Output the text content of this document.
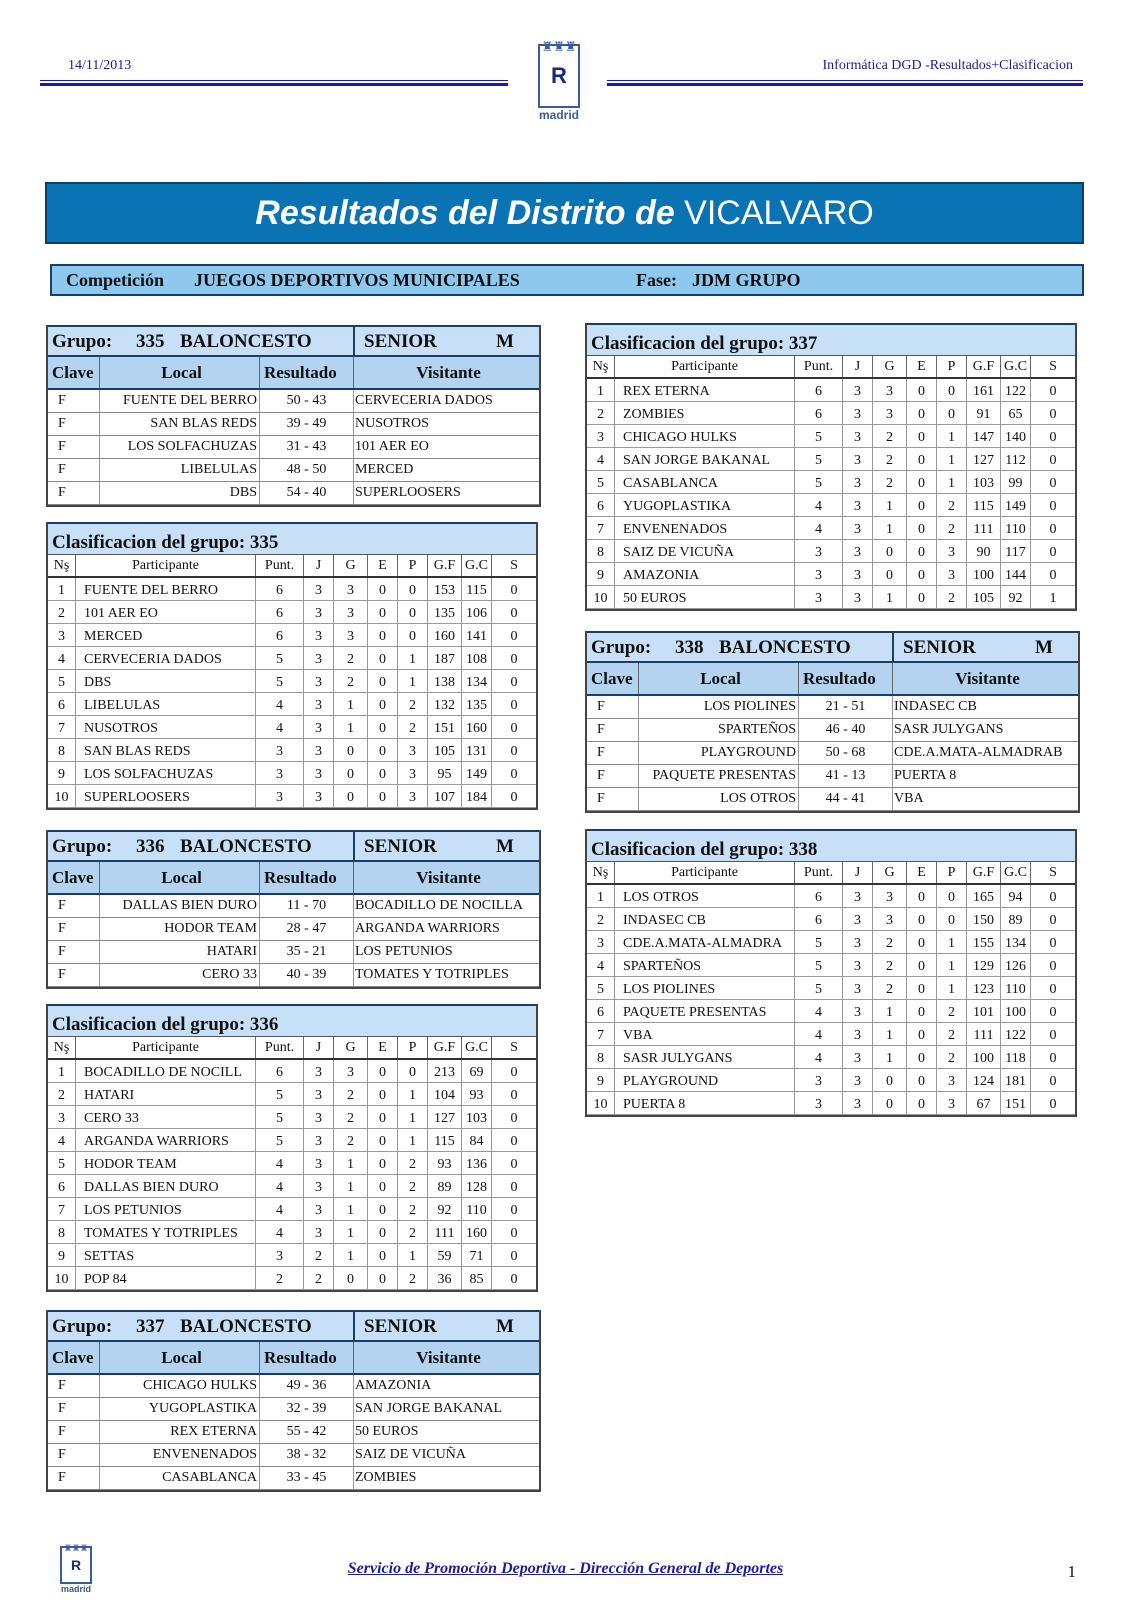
14/11/2013	Informática DGD -Resultados+Clasificacion
♜♜♜
R
madrid
Resultados del Distrito de VICALVARO
Competición JUEGOS DEPORTIVOS MUNICIPALES	Fase: JDM GRUPO
Grupo: 335 BALONCESTO	SENIOR	M
Clave	Local	Resultado	Visitante
F	FUENTE DEL BERRO	50 - 43	CERVECERIA DADOS
F	SAN BLAS REDS	39 - 49	NUSOTROS
F	LOS SOLFACHUZAS	31 - 43	101 AER EO
F	LIBELULAS	48 - 50	MERCED
F	DBS	54 - 40	SUPERLOOSERS
Grupo: 336 BALONCESTO	SENIOR	M
Clave	Local	Resultado	Visitante
F	DALLAS BIEN DURO	11 - 70	BOCADILLO DE NOCILLA
F	HODOR TEAM	28 - 47	ARGANDA WARRIORS
F	HATARI	35 - 21	LOS PETUNIOS
F	CERO 33	40 - 39	TOMATES Y TOTRIPLES
Grupo: 337 BALONCESTO	SENIOR	M
Clave	Local	Resultado	Visitante
F	CHICAGO HULKS	49 - 36	AMAZONIA
F	YUGOPLASTIKA	32 - 39	SAN JORGE BAKANAL
F	REX ETERNA	55 - 42	50 EUROS
F	ENVENENADOS	38 - 32	SAIZ DE VICUÑA
F	CASABLANCA	33 - 45	ZOMBIES
Grupo: 338 BALONCESTO	SENIOR	M
Clave	Local	Resultado	Visitante
F	LOS PIOLINES	21 - 51	INDASEC CB
F	SPARTEÑOS	46 - 40	SASR JULYGANS
F	PLAYGROUND	50 - 68	CDE.A.MATA-ALMADRAB
F	PAQUETE PRESENTAS	41 - 13	PUERTA 8
F	LOS OTROS	44 - 41	VBA
Clasificacion del grupo: 335
Nş	Participante	Punt.	J	G	E	P	G.F G.C	S
1	FUENTE DEL BERRO	6	3	3	0	0	153 115	0
2	101 AER EO	6	3	3	0	0	135 106	0
3	MERCED	6	3	3	0	0	160 141	0
4	CERVECERIA DADOS	5	3	2	0	1	187 108	0
5	DBS	5	3	2	0	1	138 134	0
6	LIBELULAS	4	3	1	0	2	132 135	0
7	NUSOTROS	4	3	1	0	2	151 160	0
8	SAN BLAS REDS	3	3	0	0	3	105 131	0
9	LOS SOLFACHUZAS	3	3	0	0	3	95	149	0
10	SUPERLOOSERS	3	3	0	0	3	107 184	0
Clasificacion del grupo: 336
Nş	Participante	Punt.	J	G	E	P	G.F G.C	S
1	BOCADILLO DE NOCILL	6	3	3	0	0	213	69	0
2	HATARI	5	3	2	0	1	104	93	0
3	CERO 33	5	3	2	0	1	127 103	0
4	ARGANDA WARRIORS	5	3	2	0	1	115	84	0
5	HODOR TEAM	4	3	1	0	2	93	136	0
6	DALLAS BIEN DURO	4	3	1	0	2	89	128	0
7	LOS PETUNIOS	4	3	1	0	2	92	110	0
8	TOMATES Y TOTRIPLES	4	3	1	0	2	111 160	0
9	SETTAS	3	2	1	0	1	59	71	0
10	POP 84	2	2	0	0	2	36	85	0
Clasificacion del grupo: 337
Nş	Participante	Punt.	J	G	E	P	G.F G.C	S
1	REX ETERNA	6	3	3	0	0	161 122	0
2	ZOMBIES	6	3	3	0	0	91	65	0
3	CHICAGO HULKS	5	3	2	0	1	147 140	0
4	SAN JORGE BAKANAL	5	3	2	0	1	127 112	0
5	CASABLANCA	5	3	2	0	1	103	99	0
6	YUGOPLASTIKA	4	3	1	0	2	115 149	0
7	ENVENENADOS	4	3	1	0	2	111 110	0
8	SAIZ DE VICUÑA	3	3	0	0	3	90	117	0
9	AMAZONIA	3	3	0	0	3	100 144	0
10	50 EUROS	3	3	1	0	2	105	92	1
Clasificacion del grupo: 338
Nş	Participante	Punt.	J	G	E	P	G.F G.C	S
1	LOS OTROS	6	3	3	0	0	165	94	0
2	INDASEC CB	6	3	3	0	0	150	89	0
3	CDE.A.MATA-ALMADRA	5	3	2	0	1	155 134	0
4	SPARTEÑOS	5	3	2	0	1	129 126	0
5	LOS PIOLINES	5	3	2	0	1	123 110	0
6	PAQUETE PRESENTAS	4	3	1	0	2	101 100	0
7	VBA	4	3	1	0	2	111 122	0
8	SASR JULYGANS	4	3	1	0	2	100 118	0
9	PLAYGROUND	3	3	0	0	3	124 181	0
10	PUERTA 8	3	3	0	0	3	67	151	0
Servicio de Promoción Deportiva - Dirección General de Deportes	1
♜♜♜
R
madrid
